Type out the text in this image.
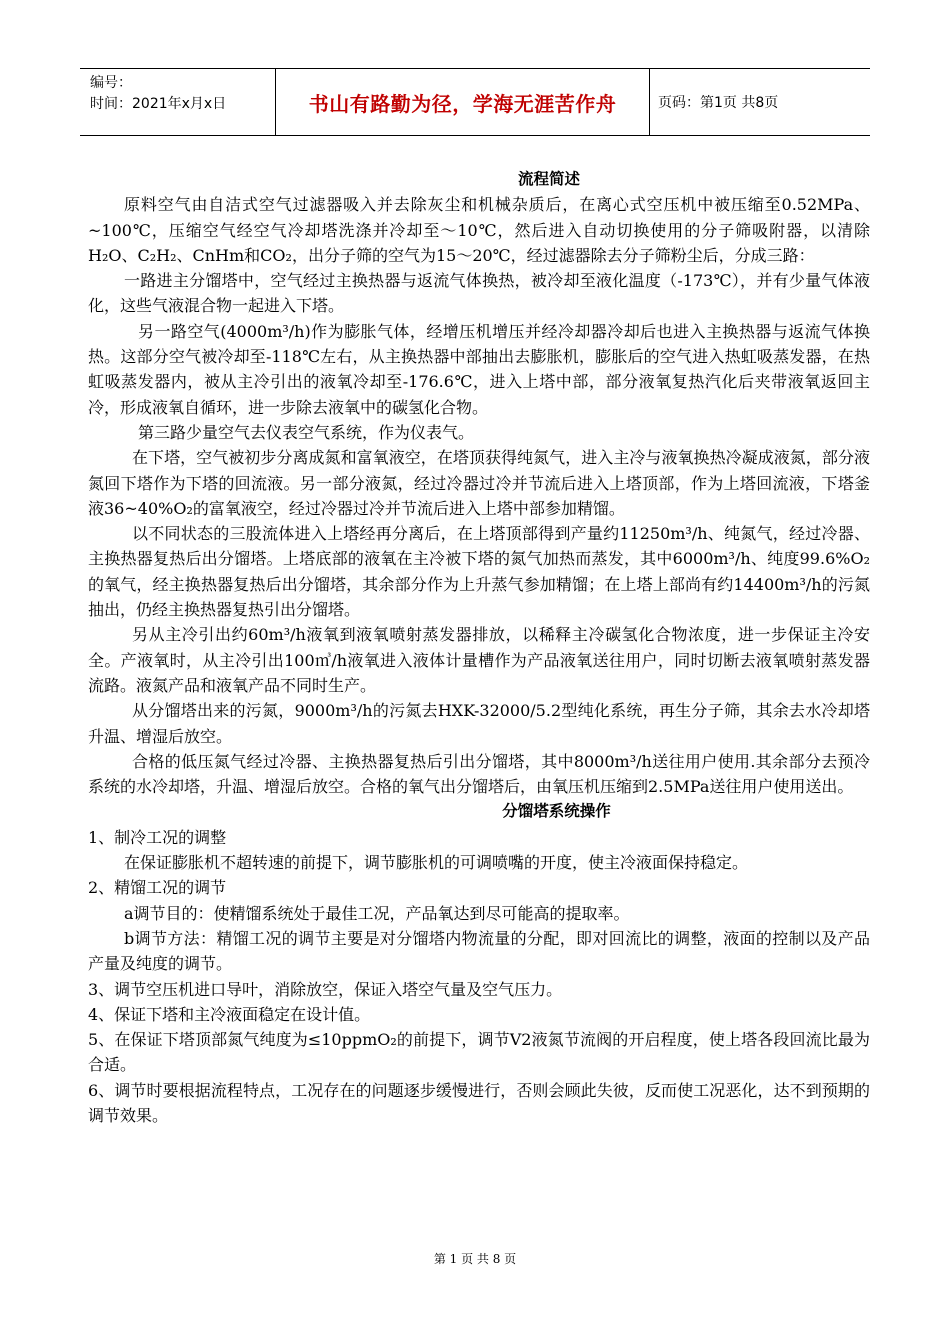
编号：
时间：2021年x月x日	书山有路勤为径，学海无涯苦作舟	页码：第1页 共8页

流程简述

原料空气由自洁式空气过滤器吸入并去除灰尘和机械杂质后，在离心式空压机中被压缩至0.52MPa、~100℃，压缩空气经空气冷却塔洗涤并冷却至～10℃，然后进入自动切换使用的分子筛吸附器，以清除H₂O、C₂H₂、CnHm和CO₂，出分子筛的空气为15～20℃，经过滤器除去分子筛粉尘后，分成三路：

一路进主分馏塔中，空气经过主换热器与返流气体换热，被冷却至液化温度（-173℃），并有少量气体液化，这些气液混合物一起进入下塔。

另一路空气(4000m³/h)作为膨胀气体，经增压机增压并经冷却器冷却后也进入主换热器与返流气体换热。这部分空气被冷却至-118℃左右，从主换热器中部抽出去膨胀机，膨胀后的空气进入热虹吸蒸发器，在热虹吸蒸发器内，被从主冷引出的液氧冷却至-176.6℃，进入上塔中部，部分液氧复热汽化后夹带液氧返回主冷，形成液氧自循环，进一步除去液氧中的碳氢化合物。

第三路少量空气去仪表空气系统，作为仪表气。

在下塔，空气被初步分离成氮和富氧液空，在塔顶获得纯氮气，进入主冷与液氧换热冷凝成液氮，部分液氮回下塔作为下塔的回流液。另一部分液氮，经过冷器过冷并节流后进入上塔顶部，作为上塔回流液，下塔釜液36~40%O₂的富氧液空，经过冷器过冷并节流后进入上塔中部参加精馏。

以不同状态的三股流体进入上塔经再分离后，在上塔顶部得到产量约11250m³/h、纯氮气，经过冷器、主换热器复热后出分馏塔。上塔底部的液氧在主冷被下塔的氮气加热而蒸发，其中6000m³/h、纯度99.6%O₂的氧气，经主换热器复热后出分馏塔，其余部分作为上升蒸气参加精馏；在上塔上部尚有约14400m³/h的污氮抽出，仍经主换热器复热引出分馏塔。

另从主冷引出约60m³/h液氧到液氧喷射蒸发器排放，以稀释主冷碳氢化合物浓度，进一步保证主冷安全。产液氧时，从主冷引出100㎥/h液氧进入液体计量槽作为产品液氧送往用户，同时切断去液氧喷射蒸发器流路。液氮产品和液氧产品不同时生产。

从分馏塔出来的污氮，9000m³/h的污氮去HXK-32000/5.2型纯化系统，再生分子筛，其余去水冷却塔升温、增湿后放空。

合格的低压氮气经过冷器、主换热器复热后引出分馏塔，其中8000m³/h送往用户使用.其余部分去预冷系统的水冷却塔，升温、增湿后放空。合格的氧气出分馏塔后，由氧压机压缩到2.5MPa送往用户使用送出。

分馏塔系统操作

1、制冷工况的调整

在保证膨胀机不超转速的前提下，调节膨胀机的可调喷嘴的开度，使主冷液面保持稳定。

2、精馏工况的调节

a调节目的：使精馏系统处于最佳工况，产品氧达到尽可能高的提取率。

b调节方法：精馏工况的调节主要是对分馏塔内物流量的分配，即对回流比的调整，液面的控制以及产品产量及纯度的调节。

3、调节空压机进口导叶，消除放空，保证入塔空气量及空气压力。

4、保证下塔和主冷液面稳定在设计值。

5、在保证下塔顶部氮气纯度为≤10ppmO₂的前提下，调节V2液氮节流阀的开启程度，使上塔各段回流比最为合适。

6、调节时要根据流程特点，工况存在的问题逐步缓慢进行，否则会顾此失彼，反而使工况恶化，达不到预期的调节效果。

第 1 页 共 8 页
